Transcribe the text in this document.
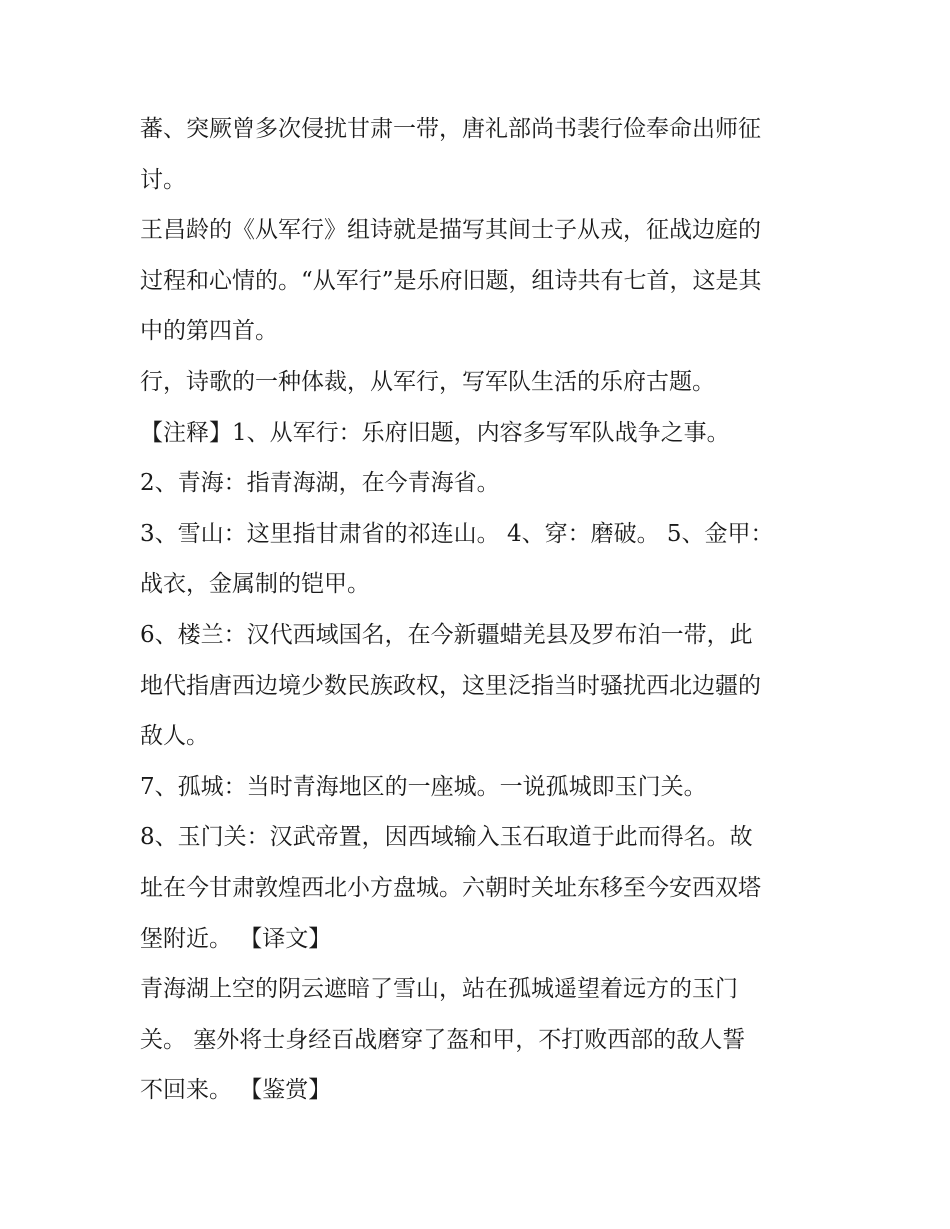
蕃、突厥曾多次侵扰甘肃一带，唐礼部尚书裴行俭奉命出师征
讨。
王昌龄的《从军行》组诗就是描写其间士子从戎，征战边庭的
过程和心情的。“从军行”是乐府旧题，组诗共有七首，这是其
中的第四首。
行，诗歌的一种体裁，从军行，写军队生活的乐府古题。
【注释】1、从军行：乐府旧题，内容多写军队战争之事。
2、青海：指青海湖，在今青海省。
3、雪山：这里指甘肃省的祁连山。 4、穿：磨破。 5、金甲：
战衣，金属制的铠甲。
6、楼兰：汉代西域国名，在今新疆蜡羌县及罗布泊一带，此
地代指唐西边境少数民族政权，这里泛指当时骚扰西北边疆的
敌人。
7、孤城：当时青海地区的一座城。一说孤城即玉门关。
8、玉门关：汉武帝置，因西域输入玉石取道于此而得名。故
址在今甘肃敦煌西北小方盘城。六朝时关址东移至今安西双塔
堡附近。 【译文】
青海湖上空的阴云遮暗了雪山，站在孤城遥望着远方的玉门
关。 塞外将士身经百战磨穿了盔和甲，不打败西部的敌人誓
不回来。 【鉴赏】
